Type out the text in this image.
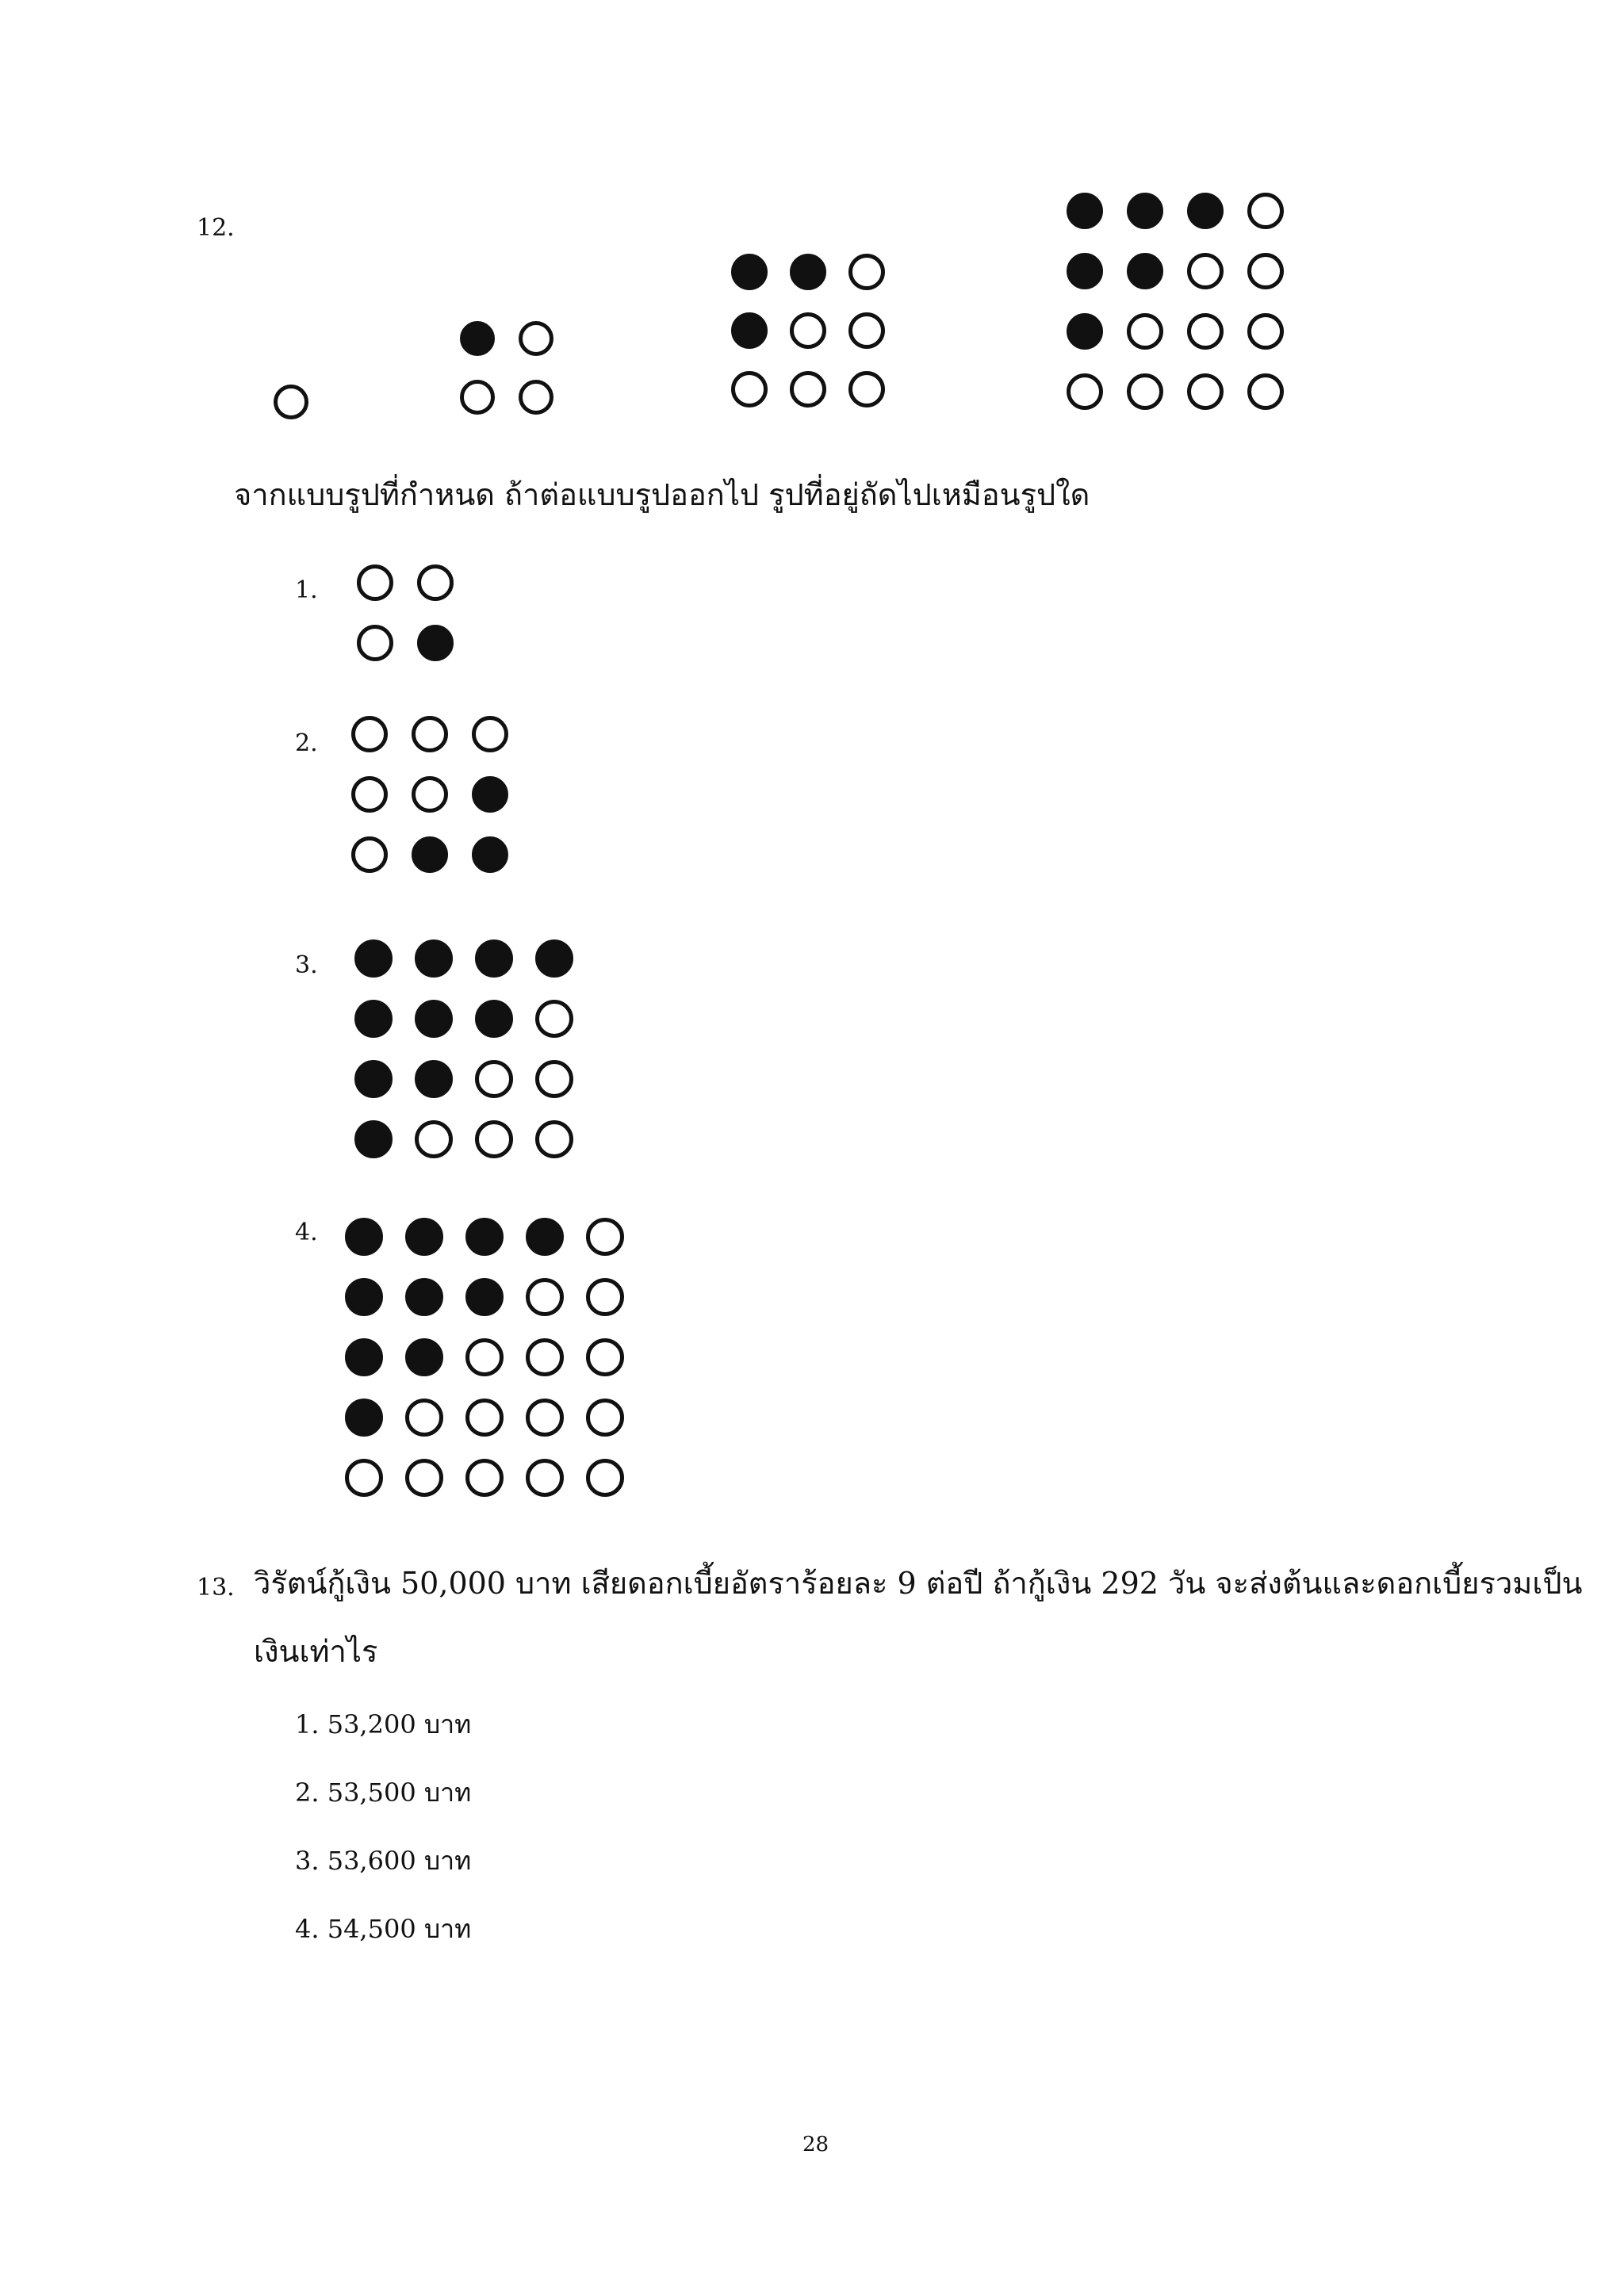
12.
จากแบบรูปที่กำหนด ถ้าต่อแบบรูปออกไป รูปที่อยู่ถัดไปเหมือนรูปใด
1.
2.
3.
4.
13. วิรัตน์กู้เงิน 50,000 บาท เสียดอกเบี้ยอัตราร้อยละ 9 ต่อปี ถ้ากู้เงิน 292 วัน จะส่งต้นและดอกเบี้ยรวมเป็น
เงินเท่าไร
1. 53,200 บาท
2. 53,500 บาท
3. 53,600 บาท
4. 54,500 บาท
28
